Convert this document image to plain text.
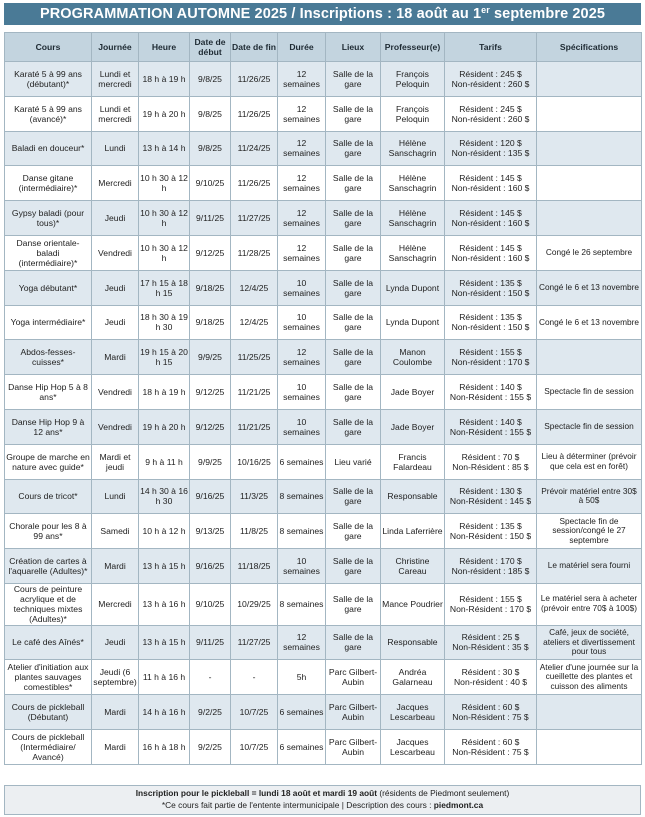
PROGRAMMATION AUTOMNE 2025 / Inscriptions : 18 août au 1er septembre 2025
Cours	Journée	Heure	Date de début	Date de fin	Durée	Lieux	Professeur(e)	Tarifs	Spécifications
Karaté 5 à 99 ans (débutant)*	Lundi et mercredi	18 h à 19 h	9/8/25	11/26/25	12 semaines	Salle de la gare	François Peloquin	Résident : 245 $
Non-résident : 260 $	

Karaté 5 à 99 ans (avancé)*	Lundi et mercredi	19 h à 20 h	9/8/25	11/26/25	12 semaines	Salle de la gare	François Peloquin	Résident : 245 $
Non-résident : 260 $	

Baladi en douceur*	Lundi	13 h à 14 h	9/8/25	11/24/25	12 semaines	Salle de la gare	Hélène Sanschagrin	Résident : 120 $
Non-résident : 135 $	

Danse gitane (intermédiaire)*	Mercredi	10 h 30 à 12 h	9/10/25	11/26/25	12 semaines	Salle de la gare	Hélène Sanschagrin	Résident : 145 $
Non-résident : 160 $	

Gypsy baladi (pour tous)*	Jeudi	10 h 30 à 12 h	9/11/25	11/27/25	12 semaines	Salle de la gare	Hélène Sanschagrin	Résident : 145 $
Non-résident : 160 $	

Danse orientale-baladi (intermédiaire)*	Vendredi	10 h 30 à 12 h	9/12/25	11/28/25	12 semaines	Salle de la gare	Hélène Sanschagrin	Résident : 145 $
Non-résident : 160 $	Congé le 26 septembre
Yoga débutant*	Jeudi	17 h 15 à 18 h 15	9/18/25	12/4/25	10 semaines	Salle de la gare	Lynda Dupont	Résident : 135 $
Non-résident : 150 $	Congé le 6 et 13 novembre
Yoga intermédiaire*	Jeudi	18 h 30 à 19 h 30	9/18/25	12/4/25	10 semaines	Salle de la gare	Lynda Dupont	Résident : 135 $
Non-résident : 150 $	Congé le 6 et 13 novembre
Abdos-fesses-cuisses*	Mardi	19 h 15 à 20 h 15	9/9/25	11/25/25	12 semaines	Salle de la gare	Manon Coulombe	Résident : 155 $
Non-résident : 170 $	

Danse Hip Hop 5 à 8 ans*	Vendredi	18 h à 19 h	9/12/25	11/21/25	10 semaines	Salle de la gare	Jade Boyer	Résident : 140 $
Non-Résident : 155 $	Spectacle fin de session
Danse Hip Hop 9 à 12 ans*	Vendredi	19 h à 20 h	9/12/25	11/21/25	10 semaines	Salle de la gare	Jade Boyer	Résident : 140 $
Non-Résident : 155 $	Spectacle fin de session
Groupe de marche en nature avec guide*	Mardi et jeudi	9 h à 11 h	9/9/25	10/16/25	6 semaines	Lieu varié	Francis Falardeau	Résident : 70 $
Non-Résident : 85 $	Lieu à déterminer (prévoir que cela est en forêt)
Cours de tricot*	Lundi	14 h 30 à 16 h 30	9/16/25	11/3/25	8 semaines	Salle de la gare	Responsable	Résident : 130 $
Non-Résident : 145 $	Prévoir matériel entre 30$ à 50$
Chorale pour les 8 à 99 ans*	Samedi	10 h à 12 h	9/13/25	11/8/25	8 semaines	Salle de la gare	Linda Laferrière	Résident : 135 $
Non-Résident : 150 $	Spectacle fin de session/congé le 27 septembre
Création de cartes à l'aquarelle (Adultes)*	Mardi	13 h à 15 h	9/16/25	11/18/25	10 semaines	Salle de la gare	Christine Careau	Résident : 170 $
Non-résident : 185 $	Le matériel sera fourni
Cours de peinture acrylique et de techniques mixtes (Adultes)*	Mercredi	13 h à 16 h	9/10/25	10/29/25	8 semaines	Salle de la gare	Mance Poudrier	Résident : 155 $
Non-Résident : 170 $	Le matériel sera à acheter (prévoir entre 70$ à 100$)
Le café des Aînés*	Jeudi	13 h à 15 h	9/11/25	11/27/25	12 semaines	Salle de la gare	Responsable	Résident : 25 $
Non-Résident : 35 $	Café, jeux de société, ateliers et divertissement pour tous
Atelier d'initiation aux plantes sauvages comestibles*	Jeudi (6 septembre)	11 h à 16 h	-	-	5h	Parc Gilbert-Aubin	Andréa Galarneau	Résident : 30 $
Non-résident : 40 $	Atelier d'une journée sur la cueillette des plantes et cuisson des aliments
Cours de pickleball (Débutant)	Mardi	14 h à 16 h	9/2/25	10/7/25	6 semaines	Parc Gilbert-Aubin	Jacques Lescarbeau	Résident : 60 $
Non-Résident : 75 $	

Cours de pickleball (Intermédiaire/ Avancé)	Mardi	16 h à 18 h	9/2/25	10/7/25	6 semaines	Parc Gilbert-Aubin	Jacques Lescarbeau	Résident : 60 $
Non-Résident : 75 $	

Inscription pour le pickleball = lundi 18 août et mardi 19 août (résidents de Piedmont seulement)
*Ce cours fait partie de l'entente intermunicipale | Description des cours : piedmont.ca
